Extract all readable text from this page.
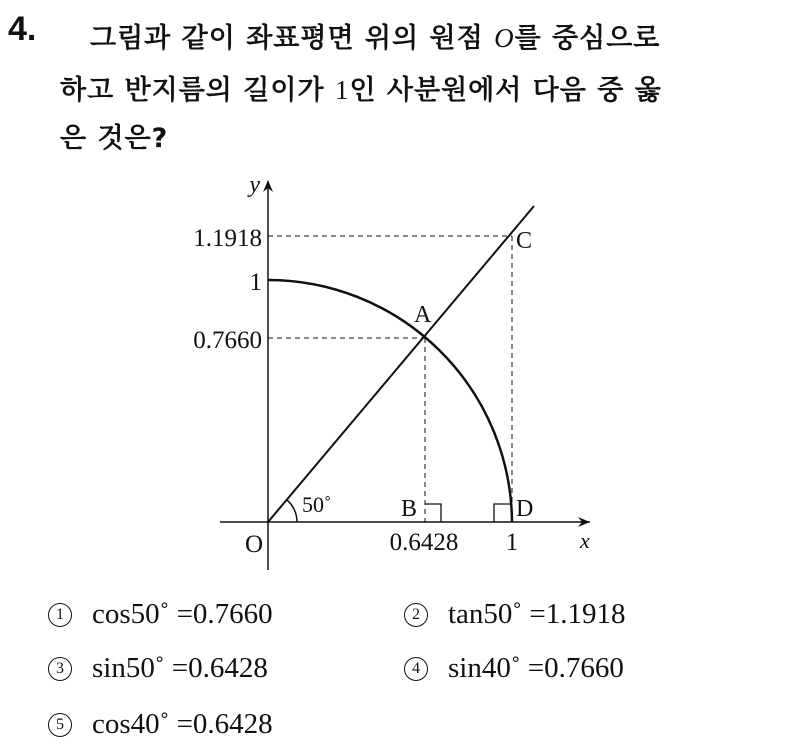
4. 그림과 같이 좌표평면 위의 원점 O를 중심으로
하고 반지름의 길이가 1인 사분원에서 다음 중 옳
은 것은?
y
x
O
1.1918
1
0.7660
0.6428 1
A
B
C
D
50˚
1 cos50˚ =0.7660	2 tan50˚ =1.1918
3 sin50˚ =0.6428	4 sin40˚ =0.7660
5 cos40˚ =0.6428
